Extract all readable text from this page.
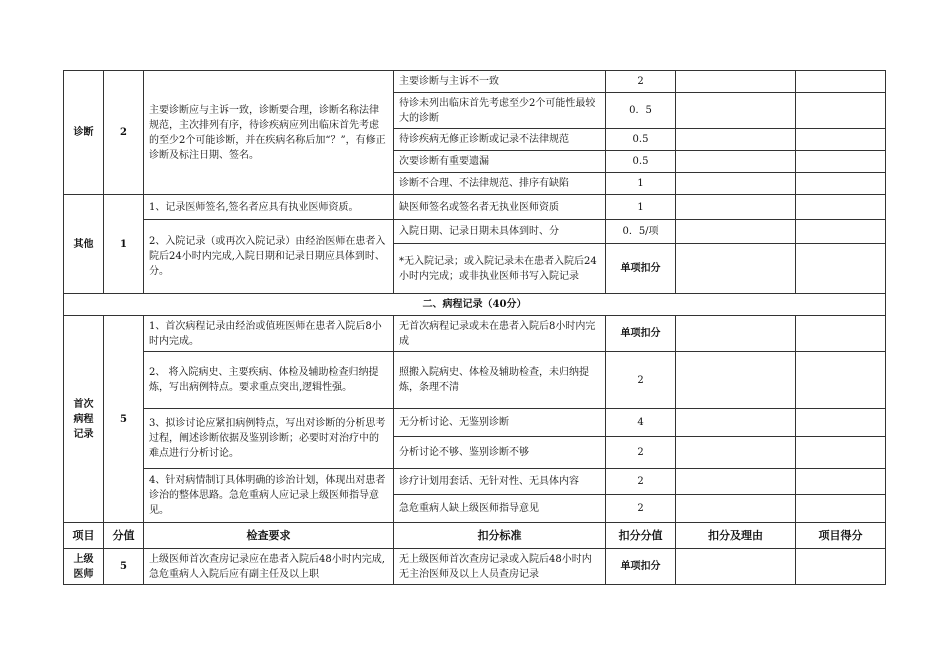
诊断	2	主要诊断应与主诉一致，诊断要合理，诊断名称法律规范，主次排列有序，待诊疾病应列出临床首先考虑的至少2个可能诊断，并在疾病名称后加“？”，有修正诊断及标注日期、签名。	主要诊断与主诉不一致	2		
			待诊未列出临床首先考虑至少2个可能性最较大的诊断	0．5		
			待诊疾病无修正诊断或记录不法律规范	0.5		
			次要诊断有重要遗漏	0.5		
			诊断不合理、不法律规范、排序有缺陷	1		
其他	1	1、记录医师签名,签名者应具有执业医师资质。	缺医师签名或签名者无执业医师资质	1		
		2、入院记录（或再次入院记录）由经治医师在患者入院后24小时内完成,入院日期和记录日期应具体到时、分。	入院日期、记录日期未具体到时、分	0．5/项		
			*无入院记录；或入院记录未在患者入院后24小时内完成；或非执业医师书写入院记录	单项扣分		
二、病程记录（40分）						

首次
病程
记录	5	1、首次病程记录由经治或值班医师在患者入院后8小时内完成。	无首次病程记录或未在患者入院后8小时内完成	单项扣分		
		2、 将入院病史、主要疾病、体检及辅助检查归纳提炼，写出病例特点。要求重点突出,逻辑性强。	照搬入院病史、体检及辅助检查，未归纳提炼，条理不清	2		
		3、拟诊讨论应紧扣病例特点，写出对诊断的分析思考过程，阐述诊断依据及鉴别诊断；必要时对治疗中的难点进行分析讨论。	无分析讨论、无鉴别诊断	4		
			分析讨论不够、鉴别诊断不够	2		
		4、针对病情制订具体明确的诊治计划，体现出对患者诊治的整体思路。急危重病人应记录上级医师指导意见。	诊疗计划用套话、无针对性、无具体内容	2		
			急危重病人缺上级医师指导意见	2		
项目	分值	检查要求	扣分标准	扣分分值	扣分及理由	项目得分

上级
医师	5	上级医师首次查房记录应在患者入院后48小时内完成,急危重病人入院后应有副主任及以上职	无上级医师首次查房记录或入院后48小时内无主治医师及以上人员查房记录	单项扣分		
